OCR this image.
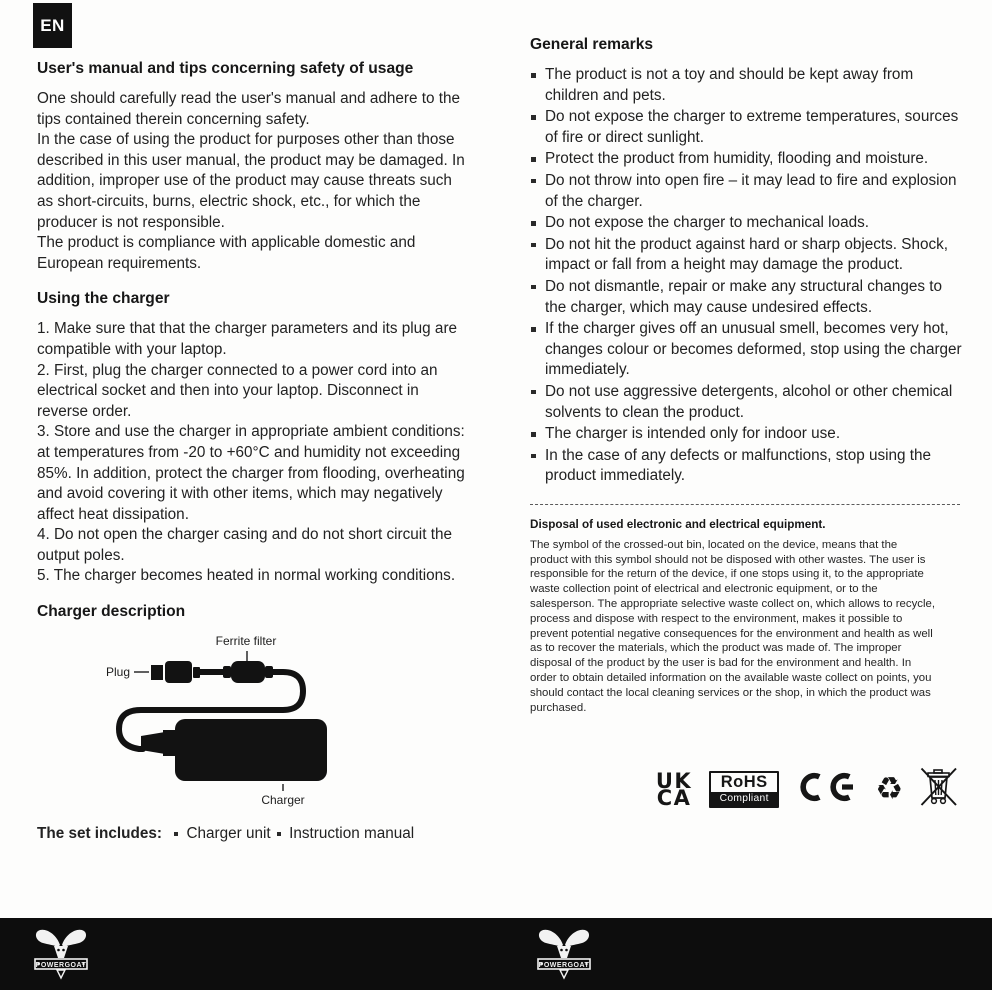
EN
User's manual and tips concerning safety of usage

One should carefully read the user's manual and adhere to the tips contained therein concerning safety.

In the case of using the product for purposes other than those described in this user manual, the product may be damaged. In addition, improper use of the product may cause threats such as short-circuits, burns, electric shock, etc., for which the producer is not responsible.

The product is compliance with applicable domestic and European requirements.

Using the charger

1. Make sure that that the charger parameters and its plug are compatible with your laptop.

2. First, plug the charger connected to a power cord into an electrical socket and then into your laptop. Disconnect in reverse order.

3. Store and use the charger in appropriate ambient conditions: at temperatures from -20 to +60°C and humidity not exceeding 85%. In addition, protect the charger from flooding, overheating and avoid covering it with other items, which may negatively affect heat dissipation.

4. Do not open the charger casing and do not short circuit the output poles.

5. The charger becomes heated in normal working conditions.

Charger description
Ferrite filter
Plug
Charger
The set includes: Charger unit Instruction manual
General remarks
The product is not a toy and should be kept away from children and pets.
Do not expose the charger to extreme temperatures, sources of fire or direct sunlight.
Protect the product from humidity, flooding and moisture.
Do not throw into open fire – it may lead to fire and explosion of the charger.
Do not expose the charger to mechanical loads.
Do not hit the product against hard or sharp objects. Shock, impact or fall from a height may damage the product.
Do not dismantle, repair or make any structural changes to the charger, which may cause undesired effects.
If the charger gives off an unusual smell, becomes very hot, changes colour or becomes deformed, stop using the charger immediately.
Do not use aggressive detergents, alcohol or other chemical solvents to clean the product.
The charger is intended only for indoor use.
In the case of any defects or malfunctions, stop using the product immediately.
Disposal of used electronic and electrical equipment.

The symbol of the crossed-out bin, located on the device, means that the product with this symbol should not be disposed with other wastes. The user is responsible for the return of the device, if one stops using it, to the appropriate waste collection point of electrical and electronic equipment, or to the salesperson. The appropriate selective waste collect on, which allows to recycle, process and dispose with respect to the environment, makes it possible to prevent potential negative consequences for the environment and health as well as to recover the materials, which the product was made of. The improper disposal of the product by the user is bad for the environment and health. In order to obtain detailed information on the available waste collect on points, you should contact the local cleaning services or the shop, in which the product was purchased.

UK
CA
RoHS
Compliant	♻
POWERGOAT	POWERGOAT
